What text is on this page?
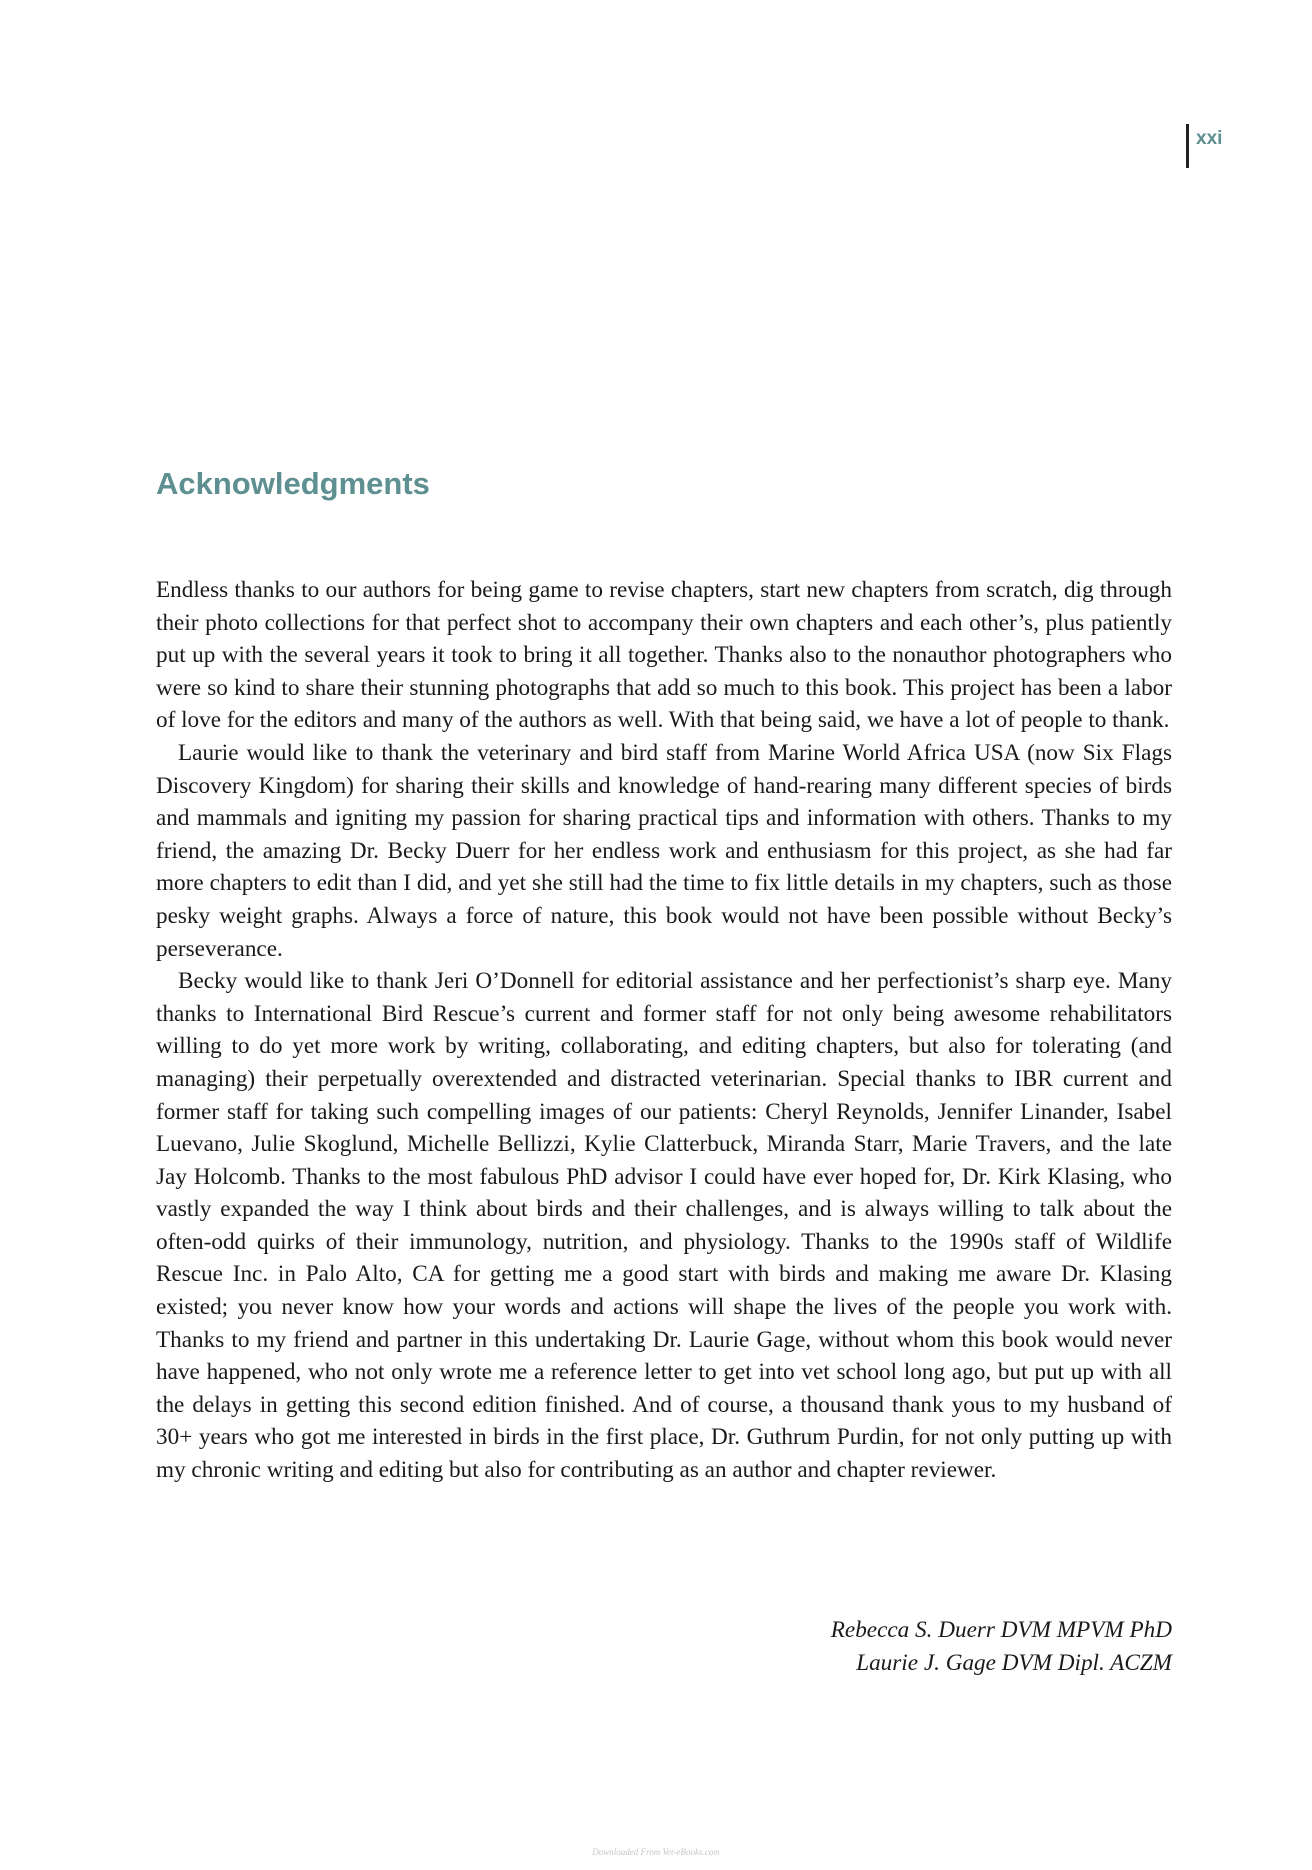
xxi
Acknowledgments

Endless thanks to our authors for being game to revise chapters, start new chapters from scratch, dig through their photo collections for that perfect shot to accompany their own chapters and each other’s, plus patiently put up with the several years it took to bring it all together. Thanks also to the nonauthor photographers who were so kind to share their stunning photographs that add so much to this book. This project has been a labor of love for the editors and many of the authors as well. With that being said, we have a lot of people to thank.

Laurie would like to thank the veterinary and bird staff from Marine World Africa USA (now Six Flags Discovery Kingdom) for sharing their skills and knowledge of hand-rearing many different species of birds and mammals and igniting my passion for sharing practical tips and information with others. Thanks to my friend, the amazing Dr. Becky Duerr for her endless work and enthusiasm for this project, as she had far more chapters to edit than I did, and yet she still had the time to fix little details in my chapters, such as those pesky weight graphs. Always a force of nature, this book would not have been possible without Becky’s perseverance.

Becky would like to thank Jeri O’Donnell for editorial assistance and her perfectionist’s sharp eye. Many thanks to International Bird Rescue’s current and former staff for not only being awesome rehabilitators willing to do yet more work by writing, collaborating, and editing chapters, but also for tolerating (and managing) their perpetually overextended and distracted veterinarian. Special thanks to IBR current and former staff for taking such compelling images of our patients: Cheryl Reynolds, Jennifer Linander, Isabel Luevano, Julie Skoglund, Michelle Bellizzi, Kylie Clatterbuck, Miranda Starr, Marie Travers, and the late Jay Holcomb. Thanks to the most fabulous PhD advisor I could have ever hoped for, Dr. Kirk Klasing, who vastly expanded the way I think about birds and their challenges, and is always willing to talk about the often-odd quirks of their immunology, nutrition, and physiology. Thanks to the 1990s staff of Wildlife Rescue Inc. in Palo Alto, CA for getting me a good start with birds and making me aware Dr. Klasing existed; you never know how your words and actions will shape the lives of the people you work with. Thanks to my friend and partner in this undertaking Dr. Laurie Gage, without whom this book would never have happened, who not only wrote me a reference letter to get into vet school long ago, but put up with all the delays in getting this second edition finished. And of course, a thousand thank yous to my husband of 30+ years who got me interested in birds in the first place, Dr. Guthrum Purdin, for not only putting up with my chronic writing and editing but also for contributing as an author and chapter reviewer.

Rebecca S. Duerr DVM MPVM PhD
Laurie J. Gage DVM Dipl. ACZM
Downloaded From Vet-eBooks.com
